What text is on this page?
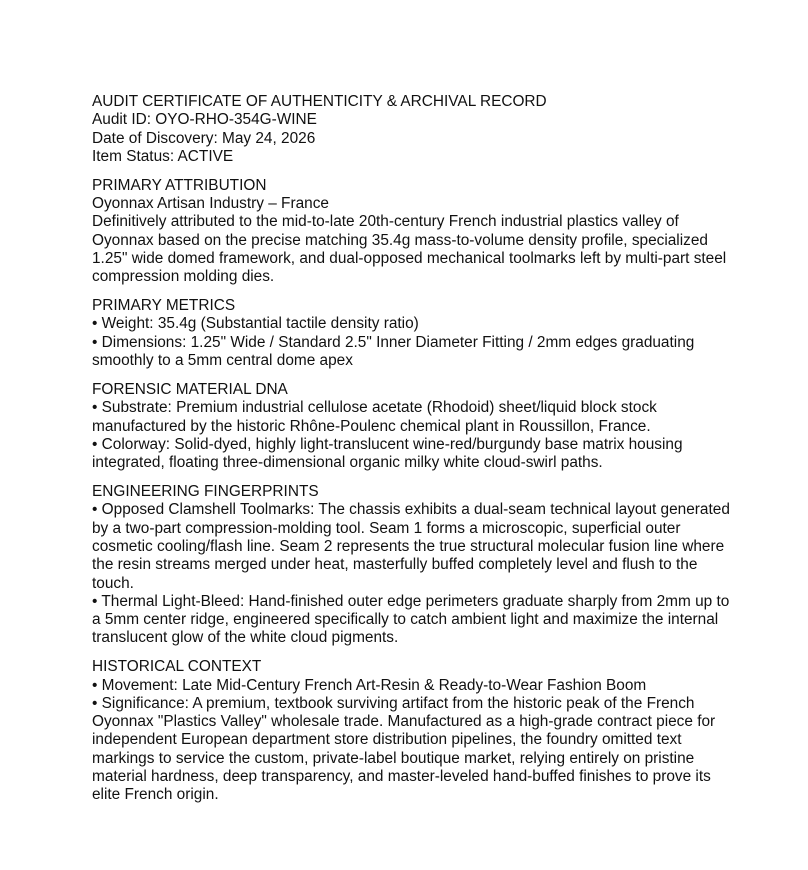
AUDIT CERTIFICATE OF AUTHENTICITY & ARCHIVAL RECORD
Audit ID: OYO-RHO-354G-WINE
Date of Discovery: May 24, 2026
Item Status: ACTIVE
PRIMARY ATTRIBUTION
Oyonnax Artisan Industry – France
Definitively attributed to the mid-to-late 20th-century French industrial plastics valley of Oyonnax based on the precise matching 35.4g mass-to-volume density profile, specialized 1.25" wide domed framework, and dual-opposed mechanical toolmarks left by multi-part steel compression molding dies.
PRIMARY METRICS
• Weight: 35.4g (Substantial tactile density ratio)
• Dimensions: 1.25" Wide / Standard 2.5" Inner Diameter Fitting / 2mm edges graduating smoothly to a 5mm central dome apex
FORENSIC MATERIAL DNA
• Substrate: Premium industrial cellulose acetate (Rhodoid) sheet/liquid block stock manufactured by the historic Rhône-Poulenc chemical plant in Roussillon, France.
• Colorway: Solid-dyed, highly light-translucent wine-red/burgundy base matrix housing integrated, floating three-dimensional organic milky white cloud-swirl paths.
ENGINEERING FINGERPRINTS
• Opposed Clamshell Toolmarks: The chassis exhibits a dual-seam technical layout generated by a two-part compression-molding tool. Seam 1 forms a microscopic, superficial outer cosmetic cooling/flash line. Seam 2 represents the true structural molecular fusion line where the resin streams merged under heat, masterfully buffed completely level and flush to the touch.
• Thermal Light-Bleed: Hand-finished outer edge perimeters graduate sharply from 2mm up to a 5mm center ridge, engineered specifically to catch ambient light and maximize the internal translucent glow of the white cloud pigments.
HISTORICAL CONTEXT
• Movement: Late Mid-Century French Art-Resin & Ready-to-Wear Fashion Boom
• Significance: A premium, textbook surviving artifact from the historic peak of the French Oyonnax "Plastics Valley" wholesale trade. Manufactured as a high-grade contract piece for independent European department store distribution pipelines, the foundry omitted text markings to service the custom, private-label boutique market, relying entirely on pristine material hardness, deep transparency, and master-leveled hand-buffed finishes to prove its elite French origin.
